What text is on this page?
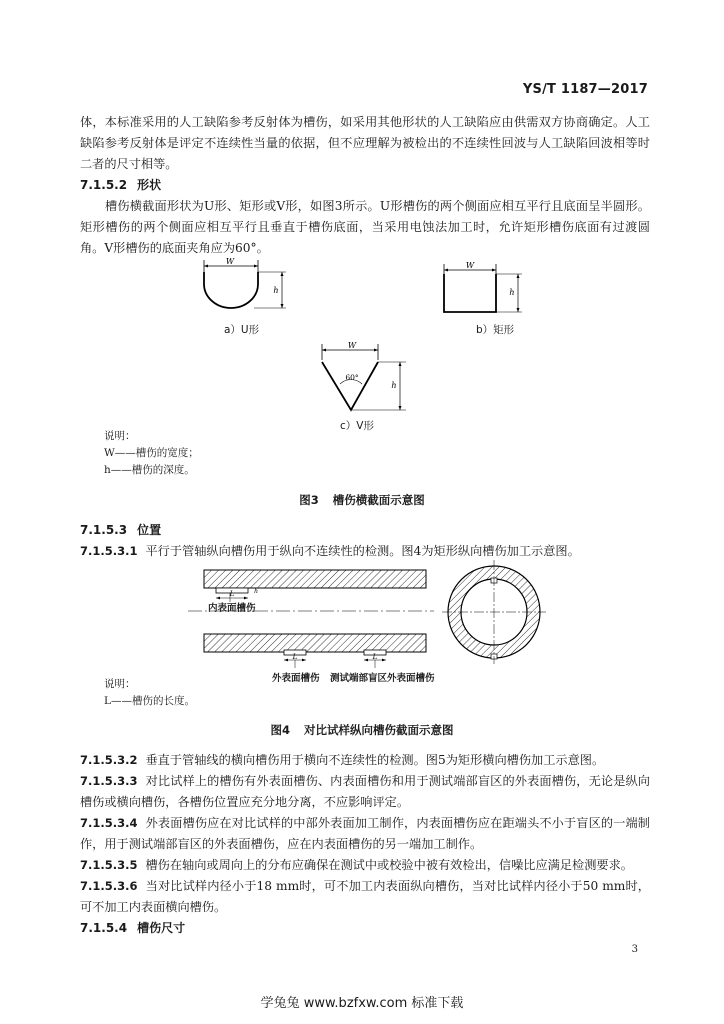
YS/T 1187—2017

体，本标准采用的人工缺陷参考反射体为槽伤，如采用其他形状的人工缺陷应由供需双方协商确定。人工缺陷参考反射体是评定不连续性当量的依据，但不应理解为被检出的不连续性回波与人工缺陷回波相等时二者的尺寸相等。

7.1.5.2 形状

槽伤横截面形状为U形、矩形或V形，如图3所示。U形槽伤的两个侧面应相互平行且底面呈半圆形。矩形槽伤的两个侧面应相互平行且垂直于槽伤底面，当采用电蚀法加工时，允许矩形槽伤底面有过渡圆角。V形槽伤的底面夹角应为60°。

W
h
a）U形
W
h
b）矩形
W
60°
h
c）V形
说明：
W——槽伤的宽度；
h——槽伤的深度。
图3 槽伤横截面示意图

7.1.5.3 位置

7.1.5.3.1 平行于管轴纵向槽伤用于纵向不连续性的检测。图4为矩形纵向槽伤加工示意图。

L	h
L	L
内表面槽伤
外表面槽伤 测试端部盲区外表面槽伤
说明：
L——槽伤的长度。
图4 对比试样纵向槽伤截面示意图

7.1.5.3.2 垂直于管轴线的横向槽伤用于横向不连续性的检测。图5为矩形横向槽伤加工示意图。

7.1.5.3.3 对比试样上的槽伤有外表面槽伤、内表面槽伤和用于测试端部盲区的外表面槽伤，无论是纵向槽伤或横向槽伤，各槽伤位置应充分地分离，不应影响评定。

7.1.5.3.4 外表面槽伤应在对比试样的中部外表面加工制作，内表面槽伤应在距端头不小于盲区的一端制作，用于测试端部盲区的外表面槽伤，应在内表面槽伤的另一端加工制作。

7.1.5.3.5 槽伤在轴向或周向上的分布应确保在测试中或校验中被有效检出，信噪比应满足检测要求。

7.1.5.3.6 当对比试样内径小于18 mm时，可不加工内表面纵向槽伤，当对比试样内径小于50 mm时，可不加工内表面横向槽伤。

7.1.5.4 槽伤尺寸

3
学兔兔 www.bzfxw.com 标准下载
